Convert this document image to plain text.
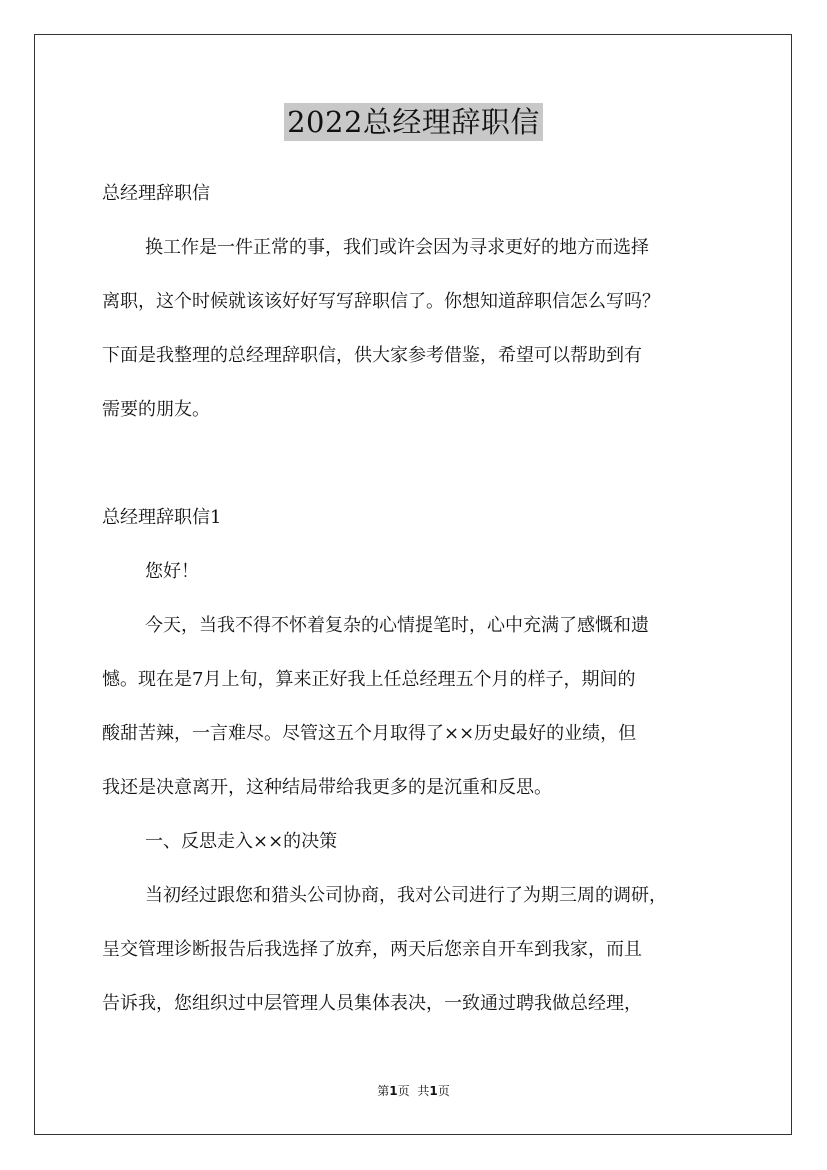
2022总经理辞职信

总经理辞职信

换工作是一件正常的事，我们或许会因为寻求更好的地方而选择

离职，这个时候就该该好好写写辞职信了。你想知道辞职信怎么写吗？

下面是我整理的总经理辞职信，供大家参考借鉴，希望可以帮助到有

需要的朋友。

总经理辞职信1

您好！

今天，当我不得不怀着复杂的心情提笔时，心中充满了感慨和遗

憾。现在是7月上旬，算来正好我上任总经理五个月的样子，期间的

酸甜苦辣，一言难尽。尽管这五个月取得了××历史最好的业绩，但

我还是决意离开，这种结局带给我更多的是沉重和反思。

一、反思走入××的决策

当初经过跟您和猎头公司协商，我对公司进行了为期三周的调研，

呈交管理诊断报告后我选择了放弃，两天后您亲自开车到我家，而且

告诉我，您组织过中层管理人员集体表决，一致通过聘我做总经理，

第1页 共1页
